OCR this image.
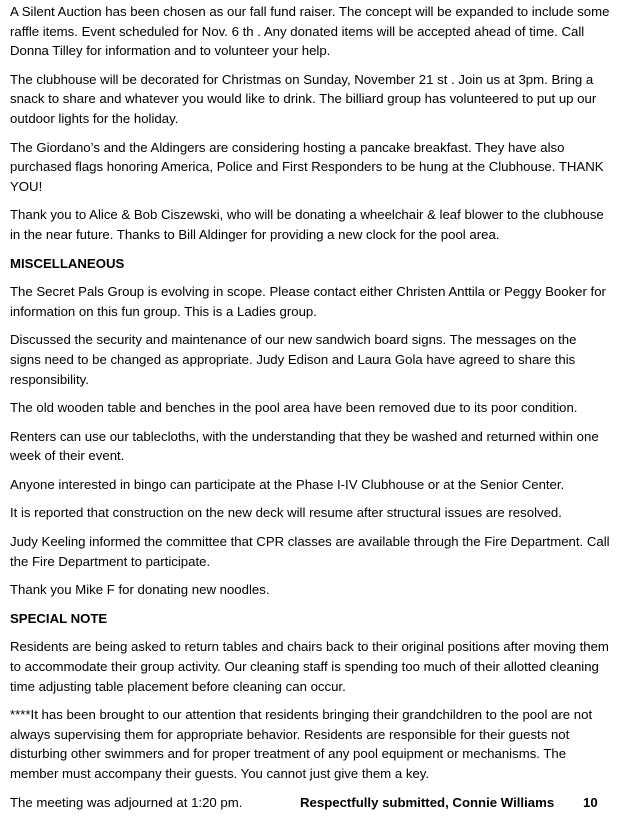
A Silent Auction has been chosen as our fall fund raiser. The concept will be expanded to include some raffle items. Event scheduled for Nov. 6 th . Any donated items will be accepted ahead of time. Call Donna Tilley for information and to volunteer your help.

The clubhouse will be decorated for Christmas on Sunday, November 21 st . Join us at 3pm. Bring a snack to share and whatever you would like to drink. The billiard group has volunteered to put up our outdoor lights for the holiday.

The Giordano’s and the Aldingers are considering hosting a pancake breakfast. They have also purchased flags honoring America, Police and First Responders to be hung at the Clubhouse. THANK YOU!

Thank you to Alice & Bob Ciszewski, who will be donating a wheelchair & leaf blower to the clubhouse in the near future. Thanks to Bill Aldinger for providing a new clock for the pool area.

MISCELLANEOUS

The Secret Pals Group is evolving in scope. Please contact either Christen Anttila or Peggy Booker for information on this fun group. This is a Ladies group.

Discussed the security and maintenance of our new sandwich board signs. The messages on the signs need to be changed as appropriate. Judy Edison and Laura Gola have agreed to share this responsibility.

The old wooden table and benches in the pool area have been removed due to its poor condition.

Renters can use our tablecloths, with the understanding that they be washed and returned within one week of their event.

Anyone interested in bingo can participate at the Phase I-IV Clubhouse or at the Senior Center.

It is reported that construction on the new deck will resume after structural issues are resolved.

Judy Keeling informed the committee that CPR classes are available through the Fire Department. Call the Fire Department to participate.

Thank you Mike F for donating new noodles.

SPECIAL NOTE

Residents are being asked to return tables and chairs back to their original positions after moving them to accommodate their group activity. Our cleaning staff is spending too much of their allotted cleaning time adjusting table placement before cleaning can occur.

****It has been brought to our attention that residents bringing their grandchildren to the pool are not always supervising them for appropriate behavior. Residents are responsible for their guests not disturbing other swimmers and for proper treatment of any pool equipment or mechanisms. The member must accompany their guests. You cannot just give them a key.

The meeting was adjourned at 1:20 pm.	Respectfully submitted, Connie Williams 10
